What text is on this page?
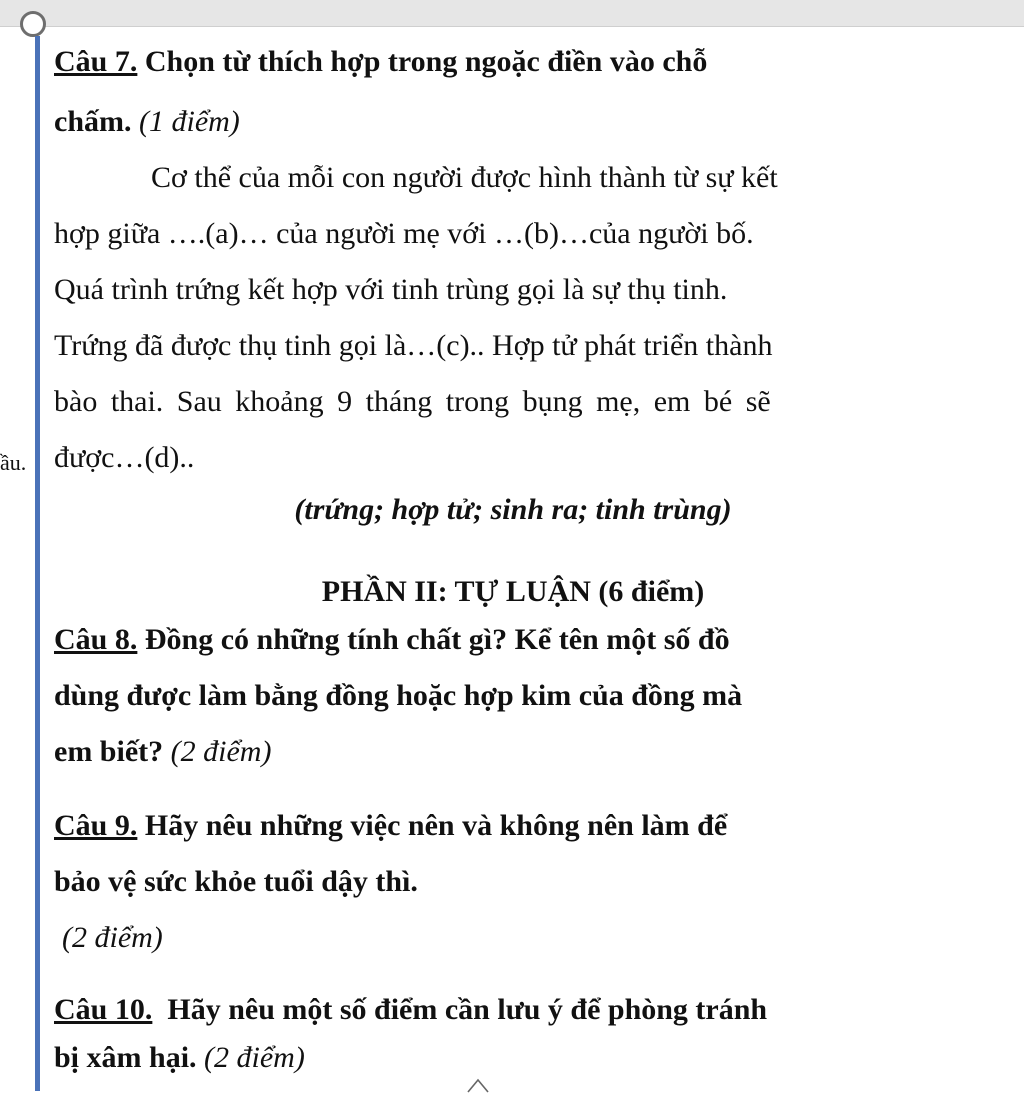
ầu.
Câu 7. Chọn từ thích hợp trong ngoặc điền vào chỗ
chấm. (1 điểm)
Cơ thể của mỗi con người được hình thành từ sự kết
hợp giữa ….(a)… của người mẹ với …(b)…của người bố.
Quá trình trứng kết hợp với tinh trùng gọi là sự thụ tinh.
Trứng đã được thụ tinh gọi là…(c).. Hợp tử phát triển thành
bào thai. Sau khoảng 9 tháng trong bụng mẹ, em bé sẽ
được…(d)..
(trứng; hợp tử; sinh ra; tinh trùng)
PHẦN II: TỰ LUẬN (6 điểm)
Câu 8. Đồng có những tính chất gì? Kể tên một số đồ
dùng được làm bằng đồng hoặc hợp kim của đồng mà
em biết? (2 điểm)
Câu 9. Hãy nêu những việc nên và không nên làm để
bảo vệ sức khỏe tuổi dậy thì.
(2 điểm)
Câu 10.  Hãy nêu một số điểm cần lưu ý để phòng tránh
bị xâm hại. (2 điểm)
